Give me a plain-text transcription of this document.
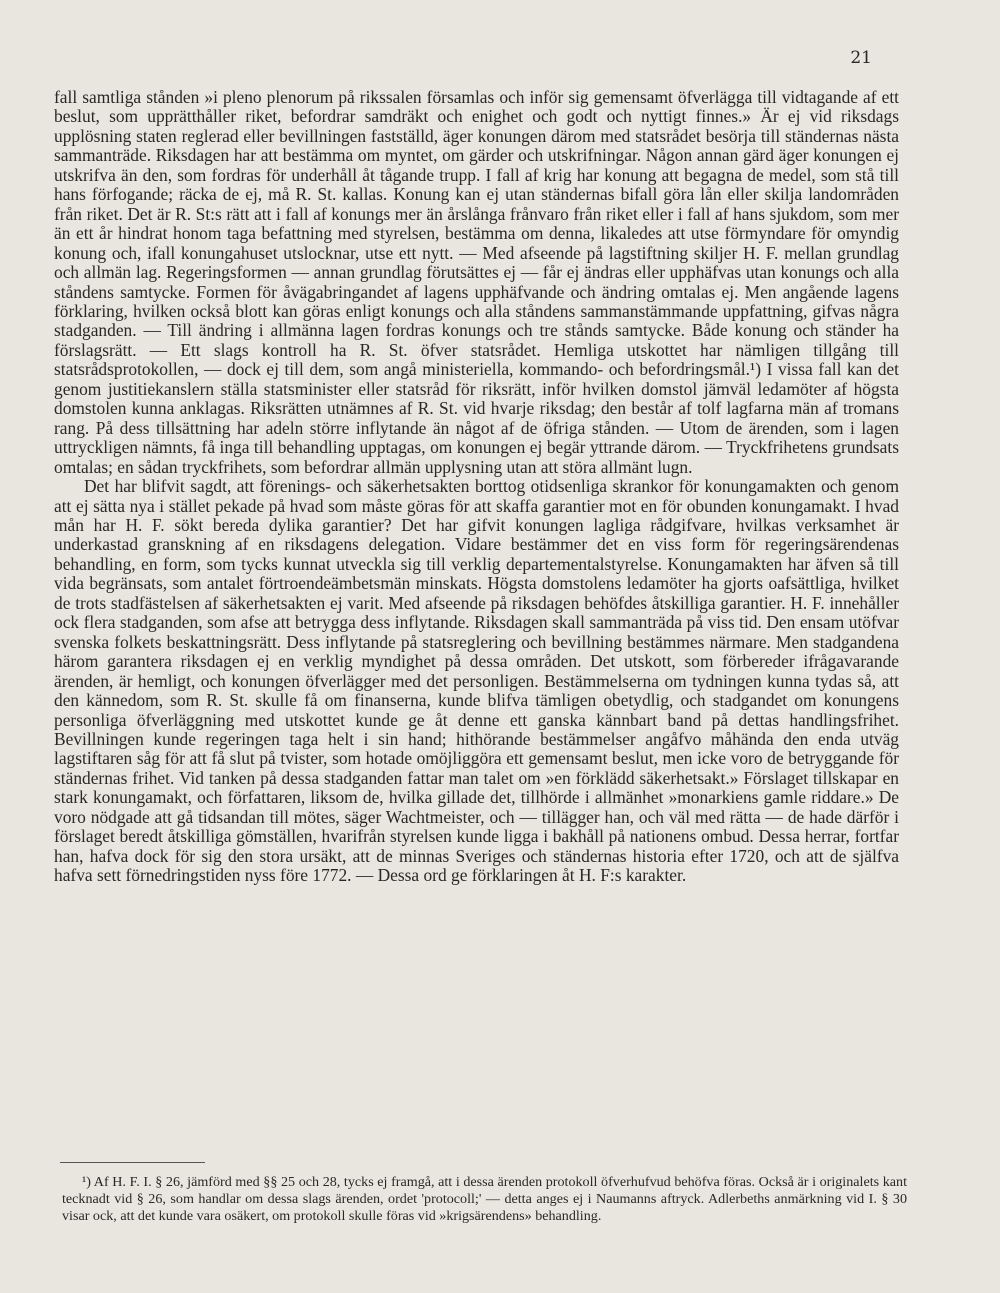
21

fall samtliga stånden »i pleno plenorum på rikssalen församlas och inför sig gemensamt öfverlägga till vidtagande af ett beslut, som upprätthåller riket, befordrar samdräkt och enighet och godt och nyttigt finnes.» Är ej vid riksdags upplösning staten reglerad eller bevillningen fastställd, äger konungen därom med statsrådet besörja till ständernas nästa sammanträde. Riksdagen har att bestämma om myntet, om gärder och utskrifningar. Någon annan gärd äger konungen ej utskrifva än den, som fordras för underhåll åt tågande trupp. I fall af krig har konung att begagna de medel, som stå till hans förfogande; räcka de ej, må R. St. kallas. Konung kan ej utan ständernas bifall göra lån eller skilja landområden från riket. Det är R. St:s rätt att i fall af konungs mer än årslånga frånvaro från riket eller i fall af hans sjukdom, som mer än ett år hindrat honom taga befattning med styrelsen, bestämma om denna, likaledes att utse förmyndare för omyndig konung och, ifall konungahuset utslocknar, utse ett nytt. — Med afseende på lagstiftning skiljer H. F. mellan grundlag och allmän lag. Regeringsformen — annan grundlag förutsättes ej — får ej ändras eller upphäfvas utan konungs och alla ståndens samtycke. Formen för åvägabringandet af lagens upphäfvande och ändring omtalas ej. Men angående lagens förklaring, hvilken också blott kan göras enligt konungs och alla ståndens sammanstämmande uppfattning, gifvas några stadganden. — Till ändring i allmänna lagen fordras konungs och tre stånds samtycke. Både konung och ständer ha förslagsrätt. — Ett slags kontroll ha R. St. öfver statsrådet. Hemliga utskottet har nämligen tillgång till statsrådsprotokollen, — dock ej till dem, som angå ministeriella, kommando- och befordringsmål.¹) I vissa fall kan det genom justitiekanslern ställa statsminister eller statsråd för riksrätt, inför hvilken domstol jämväl ledamöter af högsta domstolen kunna anklagas. Riksrätten utnämnes af R. St. vid hvarje riksdag; den består af tolf lagfarna män af tromans rang. På dess tillsättning har adeln större inflytande än något af de öfriga stånden. — Utom de ärenden, som i lagen uttryckligen nämnts, få inga till behandling upptagas, om konungen ej begär yttrande därom. — Tryckfrihetens grundsats omtalas; en sådan tryckfrihets, som befordrar allmän upplysning utan att störa allmänt lugn.

Det har blifvit sagdt, att förenings- och säkerhetsakten borttog otidsenliga skrankor för konungamakten och genom att ej sätta nya i stället pekade på hvad som måste göras för att skaffa garantier mot en för obunden konungamakt. I hvad mån har H. F. sökt bereda dylika garantier? Det har gifvit konungen lagliga rådgifvare, hvilkas verksamhet är underkastad granskning af en riksdagens delegation. Vidare bestämmer det en viss form för regeringsärendenas behandling, en form, som tycks kunnat utveckla sig till verklig departementalstyrelse. Konungamakten har äfven så till vida begränsats, som antalet förtroendeämbetsmän minskats. Högsta domstolens ledamöter ha gjorts oafsättliga, hvilket de trots stadfästelsen af säkerhetsakten ej varit. Med afseende på riksdagen behöfdes åtskilliga garantier. H. F. innehåller ock flera stadganden, som afse att betrygga dess inflytande. Riksdagen skall sammanträda på viss tid. Den ensam utöfvar svenska folkets beskattningsrätt. Dess inflytande på statsreglering och bevillning bestämmes närmare. Men stadgandena härom garantera riksdagen ej en verklig myndighet på dessa områden. Det utskott, som förbereder ifrågavarande ärenden, är hemligt, och konungen öfverlägger med det personligen. Bestämmelserna om tydningen kunna tydas så, att den kännedom, som R. St. skulle få om finanserna, kunde blifva tämligen obetydlig, och stadgandet om konungens personliga öfverläggning med utskottet kunde ge åt denne ett ganska kännbart band på dettas handlingsfrihet. Bevillningen kunde regeringen taga helt i sin hand; hithörande bestämmelser angåfvo måhända den enda utväg lagstiftaren såg för att få slut på tvister, som hotade omöjliggöra ett gemensamt beslut, men icke voro de betryggande för ständernas frihet. Vid tanken på dessa stadganden fattar man talet om »en förklädd säkerhetsakt.» Förslaget tillskapar en stark konungamakt, och författaren, liksom de, hvilka gillade det, tillhörde i allmänhet »monarkiens gamle riddare.» De voro nödgade att gå tidsandan till mötes, säger Wachtmeister, och — tillägger han, och väl med rätta — de hade därför i förslaget beredt åtskilliga gömställen, hvarifrån styrelsen kunde ligga i bakhåll på nationens ombud. Dessa herrar, fortfar han, hafva dock för sig den stora ursäkt, att de minnas Sveriges och ständernas historia efter 1720, och att de själfva hafva sett förnedringstiden nyss före 1772. — Dessa ord ge förklaringen åt H. F:s karakter.

¹) Af H. F. I. § 26, jämförd med §§ 25 och 28, tycks ej framgå, att i dessa ärenden protokoll öfverhufvud behöfva föras. Också är i originalets kant tecknadt vid § 26, som handlar om dessa slags ärenden, ordet 'protocoll;' — detta anges ej i Naumanns aftryck. Adlerbeths anmärkning vid I. § 30 visar ock, att det kunde vara osäkert, om protokoll skulle föras vid »krigsärendens» behandling.
